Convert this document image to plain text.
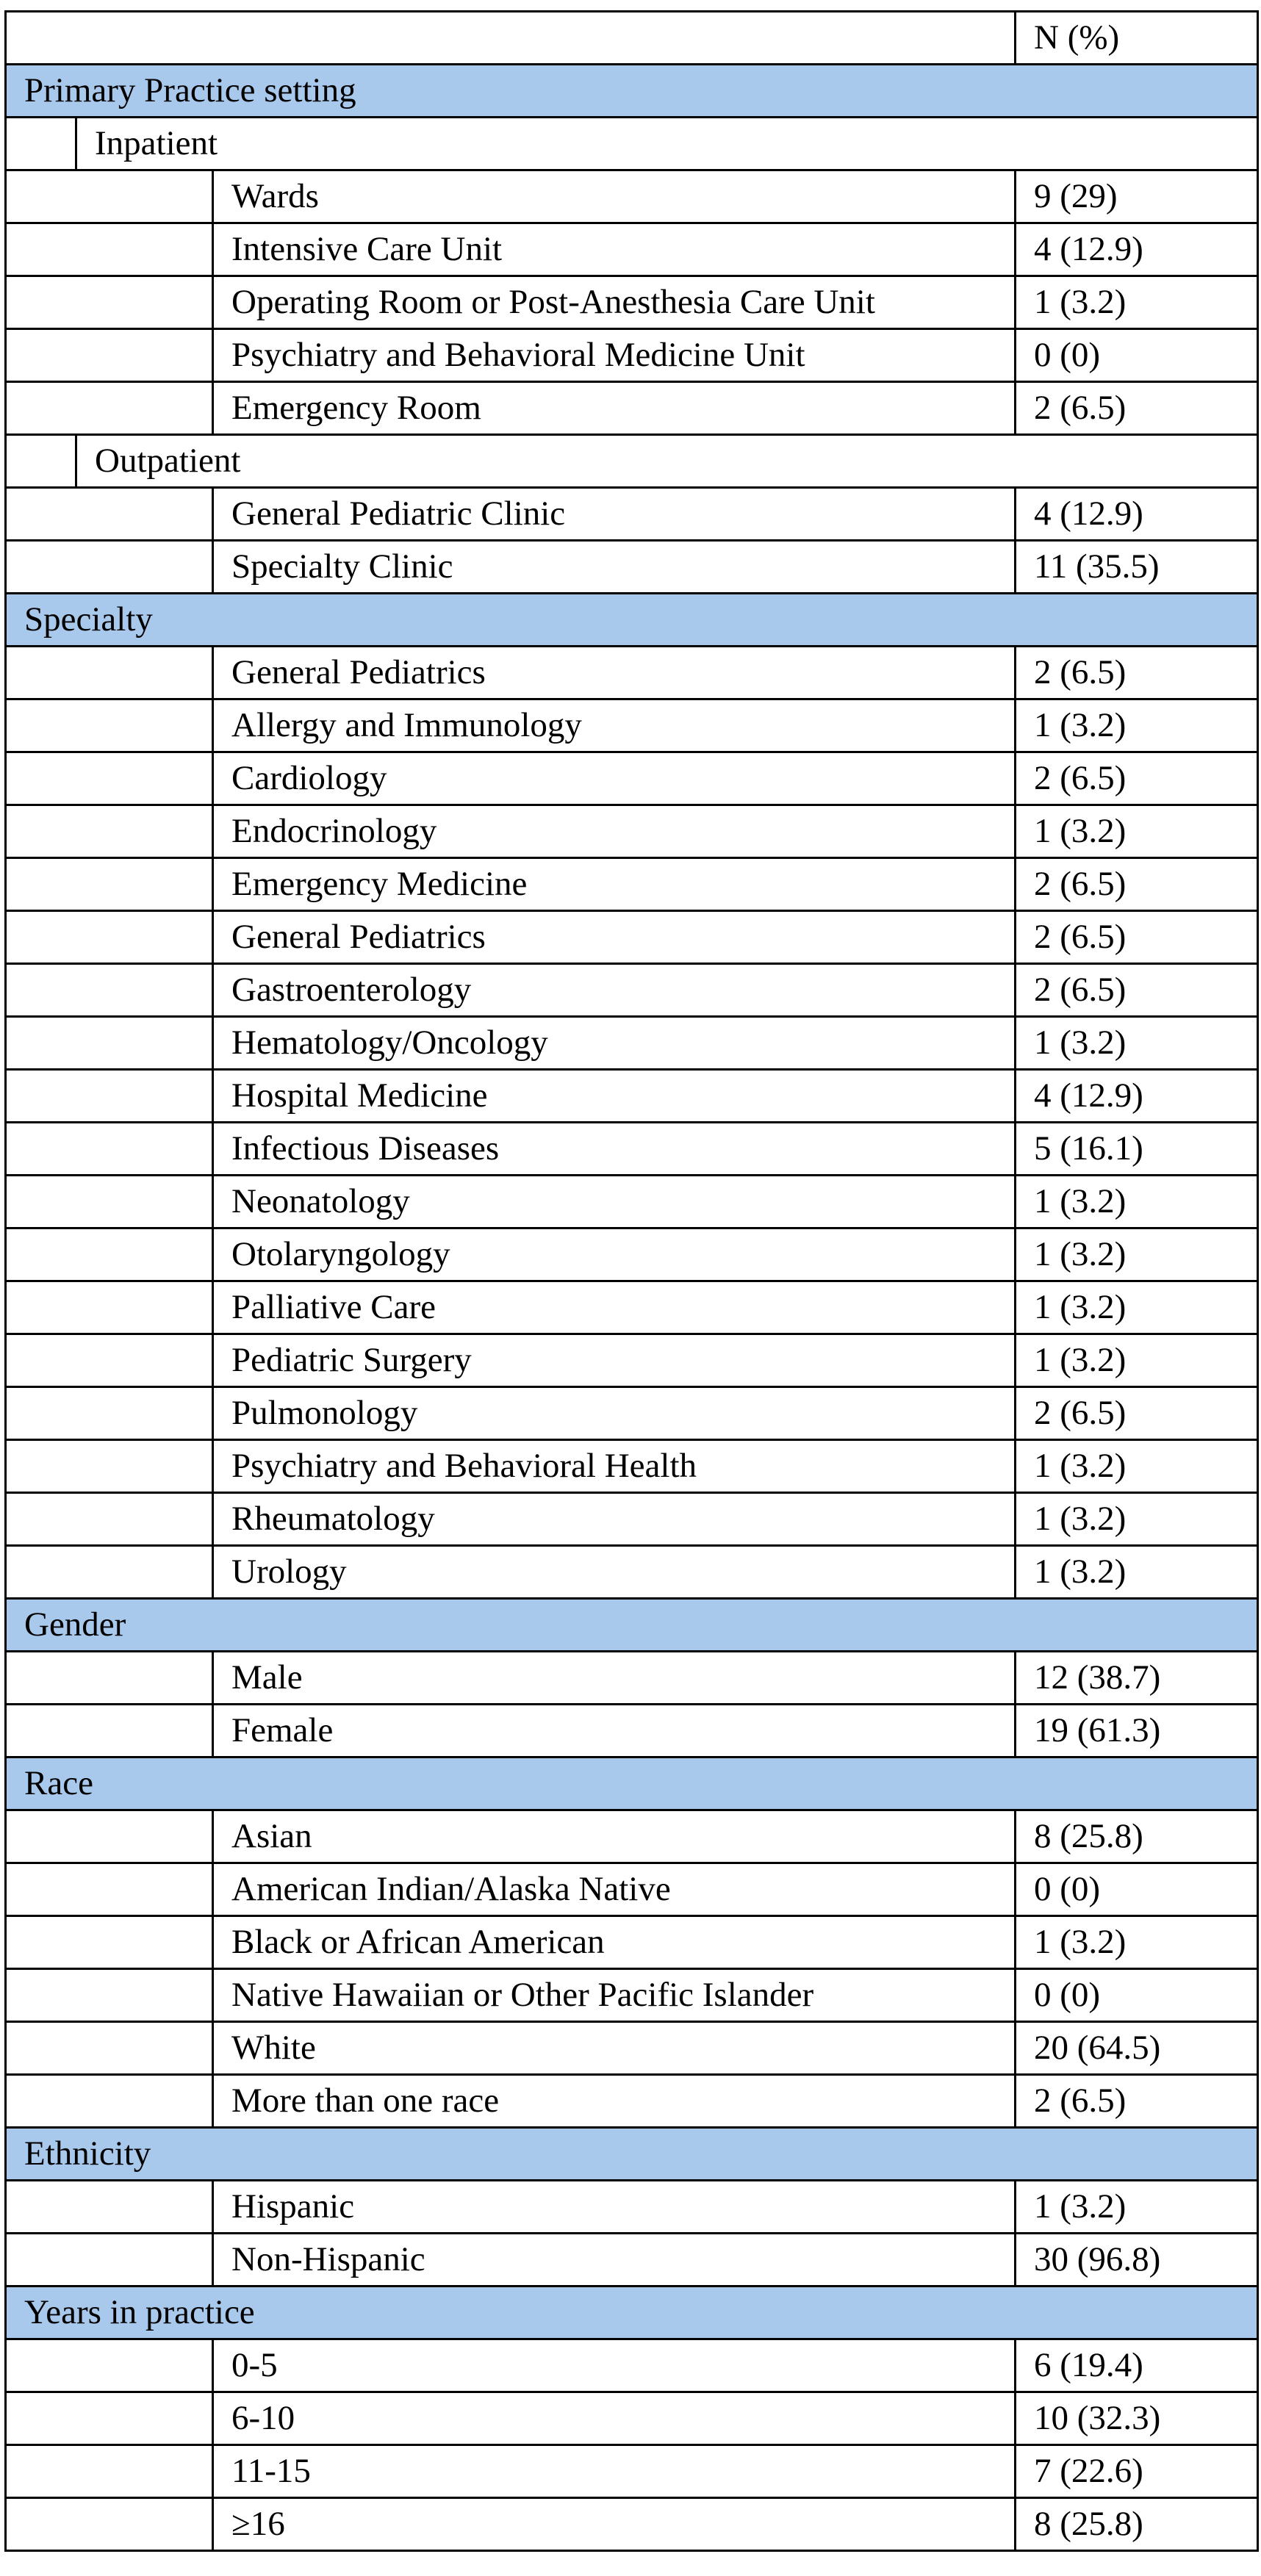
			N (%)
Primary Practice setting			
	Inpatient		
		Wards	9 (29)
		Intensive Care Unit	4 (12.9)
		Operating Room or Post-Anesthesia Care Unit	1 (3.2)
		Psychiatry and Behavioral Medicine Unit	0 (0)
		Emergency Room	2 (6.5)
	Outpatient		
		General Pediatric Clinic	4 (12.9)
		Specialty Clinic	11 (35.5)
Specialty			
		General Pediatrics	2 (6.5)
		Allergy and Immunology	1 (3.2)
		Cardiology	2 (6.5)
		Endocrinology	1 (3.2)
		Emergency Medicine	2 (6.5)
		General Pediatrics	2 (6.5)
		Gastroenterology	2 (6.5)
		Hematology/Oncology	1 (3.2)
		Hospital Medicine	4 (12.9)
		Infectious Diseases	5 (16.1)
		Neonatology	1 (3.2)
		Otolaryngology	1 (3.2)
		Palliative Care	1 (3.2)
		Pediatric Surgery	1 (3.2)
		Pulmonology	2 (6.5)
		Psychiatry and Behavioral Health	1 (3.2)
		Rheumatology	1 (3.2)
		Urology	1 (3.2)
Gender			
		Male	12 (38.7)
		Female	19 (61.3)
Race			
		Asian	8 (25.8)
		American Indian/Alaska Native	0 (0)
		Black or African American	1 (3.2)
		Native Hawaiian or Other Pacific Islander	0 (0)
		White	20 (64.5)
		More than one race	2 (6.5)
Ethnicity			
		Hispanic	1 (3.2)
		Non-Hispanic	30 (96.8)
Years in practice			
		0-5	6 (19.4)
		6-10	10 (32.3)
		11-15	7 (22.6)
		≥16	8 (25.8)
